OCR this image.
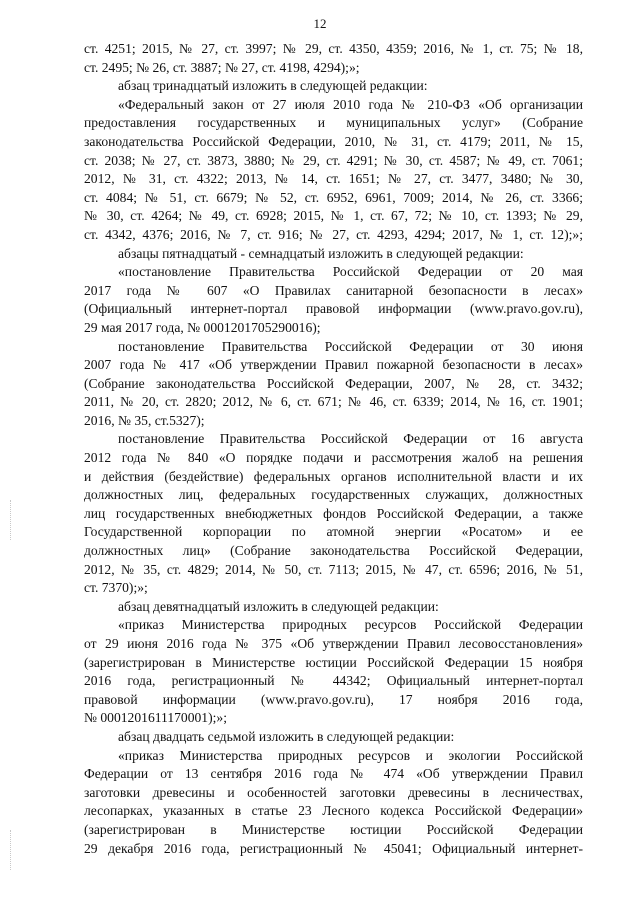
12
ст. 4251; 2015, № 27, ст. 3997; № 29, ст. 4350, 4359; 2016, № 1, ст. 75; № 18,
ст. 2495; № 26, ст. 3887; № 27, ст. 4198, 4294);»;
абзац тринадцатый изложить в следующей редакции:
«Федеральный закон от 27 июля 2010 года № 210-ФЗ «Об организации
предоставления государственных и муниципальных услуг» (Собрание
законодательства Российской Федерации, 2010, № 31, ст. 4179; 2011, № 15,
ст. 2038; № 27, ст. 3873, 3880; № 29, ст. 4291; № 30, ст. 4587; № 49, ст. 7061;
2012, № 31, ст. 4322; 2013, № 14, ст. 1651; № 27, ст. 3477, 3480; № 30,
ст. 4084; № 51, ст. 6679; № 52, ст. 6952, 6961, 7009; 2014, № 26, ст. 3366;
№ 30, ст. 4264; № 49, ст. 6928; 2015, № 1, ст. 67, 72; № 10, ст. 1393; № 29,
ст. 4342, 4376; 2016, № 7, ст. 916; № 27, ст. 4293, 4294; 2017, № 1, ст. 12);»;
абзацы пятнадцатый - семнадцатый изложить в следующей редакции:
«постановление Правительства Российской Федерации от 20 мая
2017 года № 607 «О Правилах санитарной безопасности в лесах»
(Официальный интернет-портал правовой информации (www.pravo.gov.ru),
29 мая 2017 года, № 0001201705290016);
постановление Правительства Российской Федерации от 30 июня
2007 года № 417 «Об утверждении Правил пожарной безопасности в лесах»
(Собрание законодательства Российской Федерации, 2007, № 28, ст. 3432;
2011, № 20, ст. 2820; 2012, № 6, ст. 671; № 46, ст. 6339; 2014, № 16, ст. 1901;
2016, № 35, ст.5327);
постановление Правительства Российской Федерации от 16 августа
2012 года № 840 «О порядке подачи и рассмотрения жалоб на решения
и действия (бездействие) федеральных органов исполнительной власти и их
должностных лиц, федеральных государственных служащих, должностных
лиц государственных внебюджетных фондов Российской Федерации, а также
Государственной корпорации по атомной энергии «Росатом» и ее
должностных лиц» (Собрание законодательства Российской Федерации,
2012, № 35, ст. 4829; 2014, № 50, ст. 7113; 2015, № 47, ст. 6596; 2016, № 51,
ст. 7370);»;
абзац девятнадцатый изложить в следующей редакции:
«приказ Министерства природных ресурсов Российской Федерации
от 29 июня 2016 года № 375 «Об утверждении Правил лесовосстановления»
(зарегистрирован в Министерстве юстиции Российской Федерации 15 ноября
2016 года, регистрационный № 44342; Официальный интернет-портал
правовой информации (www.pravo.gov.ru), 17 ноября 2016 года,
№ 0001201611170001);»;
абзац двадцать седьмой изложить в следующей редакции:
«приказ Министерства природных ресурсов и экологии Российской
Федерации от 13 сентября 2016 года № 474 «Об утверждении Правил
заготовки древесины и особенностей заготовки древесины в лесничествах,
лесопарках, указанных в статье 23 Лесного кодекса Российской Федерации»
(зарегистрирован в Министерстве юстиции Российской Федерации
29 декабря 2016 года, регистрационный № 45041; Официальный интернет-
